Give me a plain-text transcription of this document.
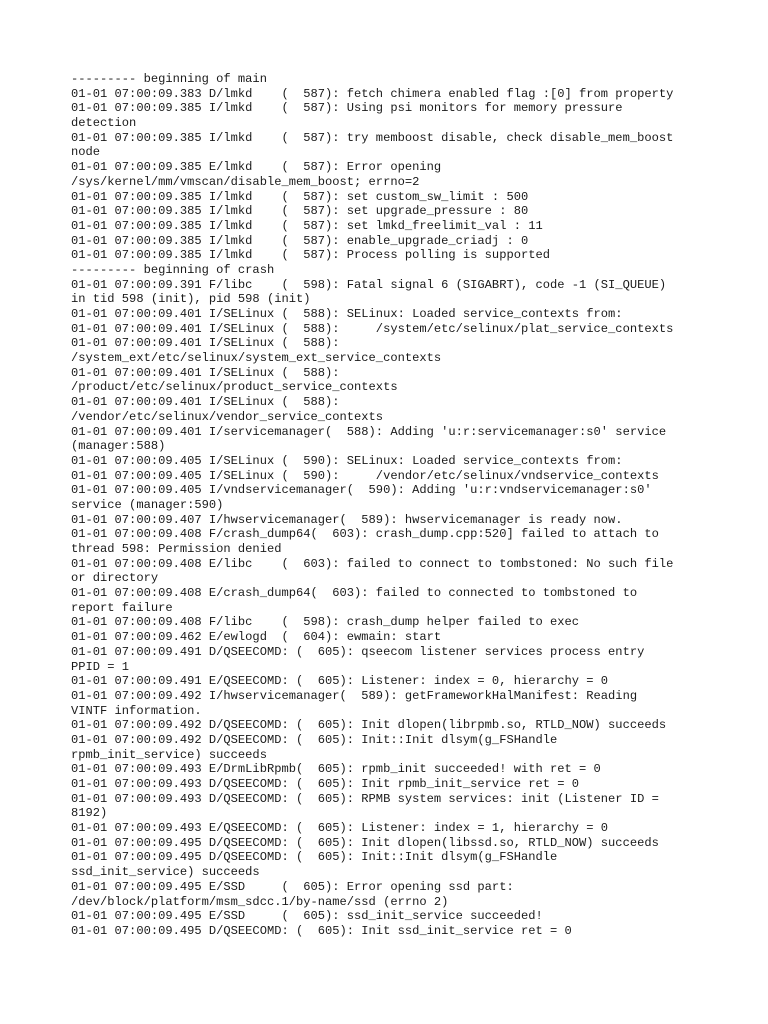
--------- beginning of main
01-01 07:00:09.383 D/lmkd    (  587): fetch chimera enabled flag :[0] from property
01-01 07:00:09.385 I/lmkd    (  587): Using psi monitors for memory pressure
detection
01-01 07:00:09.385 I/lmkd    (  587): try memboost disable, check disable_mem_boost
node
01-01 07:00:09.385 E/lmkd    (  587): Error opening
/sys/kernel/mm/vmscan/disable_mem_boost; errno=2
01-01 07:00:09.385 I/lmkd    (  587): set custom_sw_limit : 500
01-01 07:00:09.385 I/lmkd    (  587): set upgrade_pressure : 80
01-01 07:00:09.385 I/lmkd    (  587): set lmkd_freelimit_val : 11
01-01 07:00:09.385 I/lmkd    (  587): enable_upgrade_criadj : 0
01-01 07:00:09.385 I/lmkd    (  587): Process polling is supported
--------- beginning of crash
01-01 07:00:09.391 F/libc    (  598): Fatal signal 6 (SIGABRT), code -1 (SI_QUEUE)
in tid 598 (init), pid 598 (init)
01-01 07:00:09.401 I/SELinux (  588): SELinux: Loaded service_contexts from:
01-01 07:00:09.401 I/SELinux (  588):     /system/etc/selinux/plat_service_contexts
01-01 07:00:09.401 I/SELinux (  588):
/system_ext/etc/selinux/system_ext_service_contexts
01-01 07:00:09.401 I/SELinux (  588):
/product/etc/selinux/product_service_contexts
01-01 07:00:09.401 I/SELinux (  588):
/vendor/etc/selinux/vendor_service_contexts
01-01 07:00:09.401 I/servicemanager(  588): Adding 'u:r:servicemanager:s0' service
(manager:588)
01-01 07:00:09.405 I/SELinux (  590): SELinux: Loaded service_contexts from:
01-01 07:00:09.405 I/SELinux (  590):     /vendor/etc/selinux/vndservice_contexts
01-01 07:00:09.405 I/vndservicemanager(  590): Adding 'u:r:vndservicemanager:s0'
service (manager:590)
01-01 07:00:09.407 I/hwservicemanager(  589): hwservicemanager is ready now.
01-01 07:00:09.408 F/crash_dump64(  603): crash_dump.cpp:520] failed to attach to
thread 598: Permission denied
01-01 07:00:09.408 E/libc    (  603): failed to connect to tombstoned: No such file
or directory
01-01 07:00:09.408 E/crash_dump64(  603): failed to connected to tombstoned to
report failure
01-01 07:00:09.408 F/libc    (  598): crash_dump helper failed to exec
01-01 07:00:09.462 E/ewlogd  (  604): ewmain: start
01-01 07:00:09.491 D/QSEECOMD: (  605): qseecom listener services process entry
PPID = 1
01-01 07:00:09.491 E/QSEECOMD: (  605): Listener: index = 0, hierarchy = 0
01-01 07:00:09.492 I/hwservicemanager(  589): getFrameworkHalManifest: Reading
VINTF information.
01-01 07:00:09.492 D/QSEECOMD: (  605): Init dlopen(librpmb.so, RTLD_NOW) succeeds
01-01 07:00:09.492 D/QSEECOMD: (  605): Init::Init dlsym(g_FSHandle
rpmb_init_service) succeeds
01-01 07:00:09.493 E/DrmLibRpmb(  605): rpmb_init succeeded! with ret = 0
01-01 07:00:09.493 D/QSEECOMD: (  605): Init rpmb_init_service ret = 0
01-01 07:00:09.493 D/QSEECOMD: (  605): RPMB system services: init (Listener ID =
8192)
01-01 07:00:09.493 E/QSEECOMD: (  605): Listener: index = 1, hierarchy = 0
01-01 07:00:09.495 D/QSEECOMD: (  605): Init dlopen(libssd.so, RTLD_NOW) succeeds
01-01 07:00:09.495 D/QSEECOMD: (  605): Init::Init dlsym(g_FSHandle
ssd_init_service) succeeds
01-01 07:00:09.495 E/SSD     (  605): Error opening ssd part:
/dev/block/platform/msm_sdcc.1/by-name/ssd (errno 2)
01-01 07:00:09.495 E/SSD     (  605): ssd_init_service succeeded!
01-01 07:00:09.495 D/QSEECOMD: (  605): Init ssd_init_service ret = 0
